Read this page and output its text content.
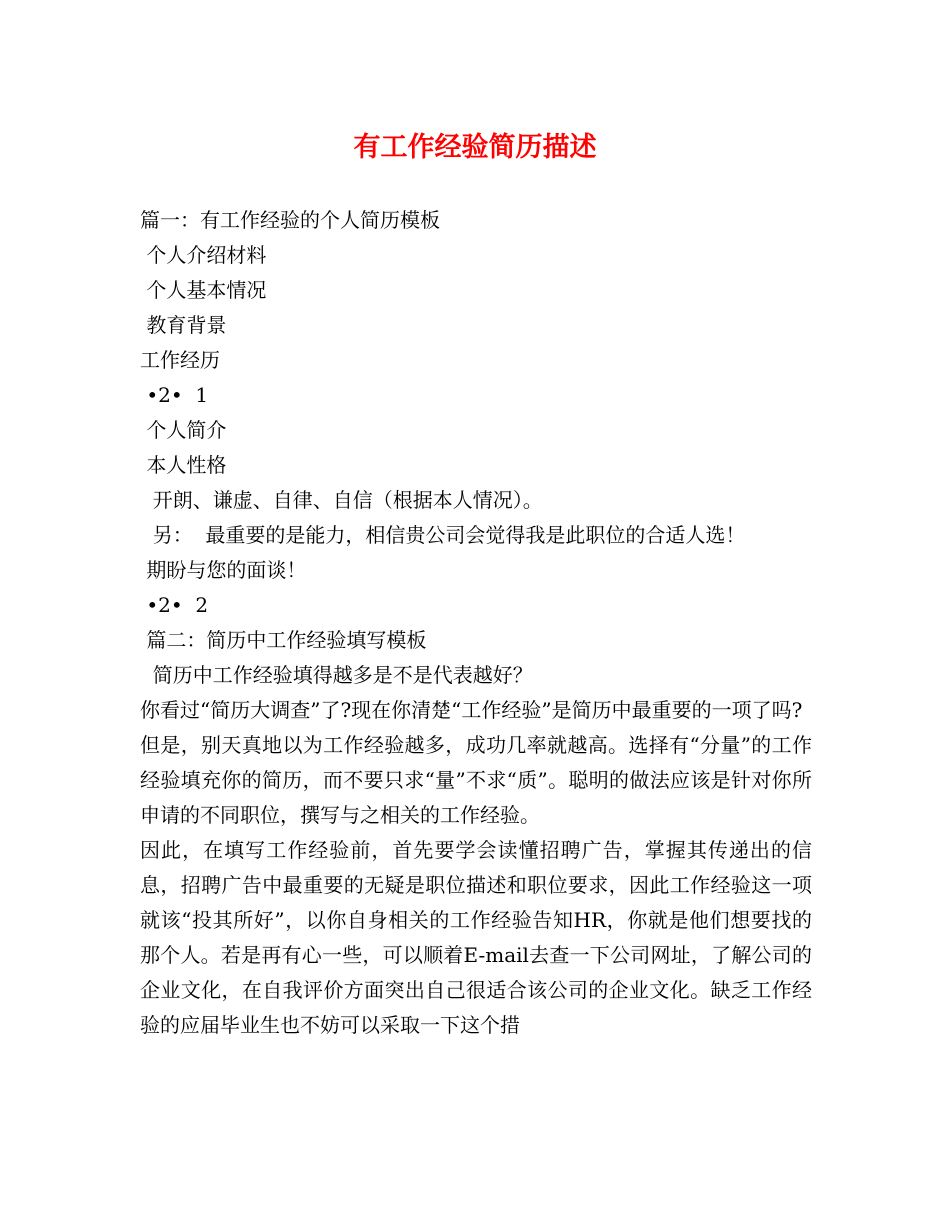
有工作经验简历描述
篇一：有工作经验的个人简历模板
个人介绍材料
个人基本情况
教育背景
工作经历
•2•  1
个人简介
本人性格
开朗、谦虚、自律、自信（根据本人情况）。
另：  最重要的是能力，相信贵公司会觉得我是此职位的合适人选！
期盼与您的面谈！
•2•  2
篇二：简历中工作经验填写模板
简历中工作经验填得越多是不是代表越好？
你看过“简历大调查”了?现在你清楚“工作经验”是简历中最重要的一项了吗?
但是，别天真地以为工作经验越多，成功几率就越高。选择有“分量”的工作经验填充你的简历，而不要只求“量”不求“质”。聪明的做法应该是针对你所申请的不同职位，撰写与之相关的工作经验。
因此，在填写工作经验前，首先要学会读懂招聘广告，掌握其传递出的信息，招聘广告中最重要的无疑是职位描述和职位要求，因此工作经验这一项就该“投其所好”，以你自身相关的工作经验告知HR，你就是他们想要找的那个人。若是再有心一些，可以顺着E-mail去查一下公司网址，了解公司的企业文化，在自我评价方面突出自己很适合该公司的企业文化。缺乏工作经验的应届毕业生也不妨可以采取一下这个措
